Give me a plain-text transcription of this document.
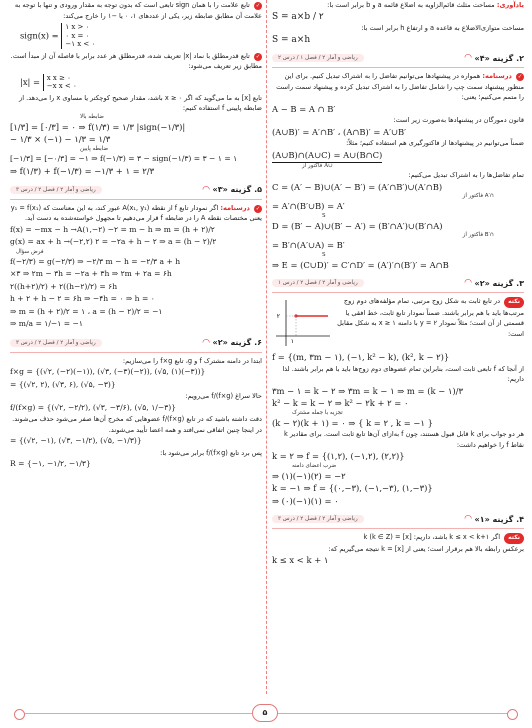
یادآوری: مساحت مثلث قائم‌الزاویه به اضلاع قائمه a و b برابر است با:

S = a×b / ۲

مساحت متوازی‌الاضلاع به قاعده a و ارتفاع h برابر است با:

S = a×h
۲. گزینه «۴»
◠
ریاضی و آمار ۲ / فصل ۱ / درس ۲

✓ درسنامه: همواره در پیشنهادها می‌توانیم تفاضل را به اشتراک تبدیل کنیم. برای این منظور پیشنهاد سمت چپ را شامل تفاضل را به اشتراک تبدیل کرده و پیشنهاد سمت راست را متمم می‌کنیم؛ یعنی:

A − B = A ∩ B′

قانون دمورگان در پیشنهادها به‌صورت زیر است:

(A∪B)′ = A′∩B′ ، (A∩B)′ = A′∪B′

ضمناً می‌توانیم در پیشنهادها از فاکتورگیری هم استفاده کنیم؛ مثلاً:

(A∪B)∩(A∪C) = A∪(B∩C)
فاکتور از A∪

تمام تفاضل‌ها را به اشتراک تبدیل می‌کنیم:

C = (A′ − B)∪(A′ − B′) = (A′∩B′)∪(A′∩B)
فاکتور از A′∩
= A′∩(B′∪B) = A′
S
D = (B′ − A)∪(B′ − A′) = (B′∩A′)∪(B′∩A)
فاکتور از B′∩
= B′∩(A′∪A) = B′
S
⇒ E = (C∪D)′ = C′∩D′ = (A′)′∩(B′)′ = A∩B
۳. گزینه «۲»
◠
ریاضی و آمار ۲ / فصل ۲ / درس ۱

نکته در تابع ثابت به شکل زوج مرتبی، تمام مؤلفه‌های دوم زوج مرتب‌ها باید با هم برابر باشند. ضمناً نمودار تابع ثابت، خط افقی یا قسمتی از آن است؛ مثلاً نمودار y = ۲ با دامنه x ≥ ۱ به شکل مقابل است:

۲
۱
f = {(m, ۳m − ۱), (−۱, k² − k), (k², k − ۲)}

از آنجا که f تابعی ثابت است، بنابراین تمام عضوهای دوم زوج‌ها باید با هم برابر باشند. لذا داریم:

۳m − ۱ = k − ۲ ⇒ ۳m = k − ۱ ⇒ m = (k − ۱)/۳
k² − k = k − ۲ ⇒ k² − ۲k + ۲ = ۰
تجزیه با جمله مشترک
(k − ۲)(k + ۱) = ۰ ⇒ { k = ۲ , k = −۱ }

هر دو جواب برای k قابل قبول هستند، چون f به‌ازای آن‌ها تابع ثابت است. برای مقادیر k نقاط f را خواهیم داشت:

k = ۲ ⇒ f = {(۱,۲), (−۱,۲), (۲,۲)}
ضرب اعضای دامنه
⇒ (۱)(−۱)(۲) = −۲
k = −۱ ⇒ f = {(۰,−۳), (−۱,−۳), (۱,−۳)}
⇒ (۰)(−۱)(۱) = ۰
۴. گزینه «۱»
◠
ریاضی و آمار ۲ / فصل ۲ / درس ۳

نکته اگر k ≤ x < k+۱ باشد، داریم: [x] = k (k ∈ Z)

برعکس رابطه بالا هم برقرار است؛ یعنی از [x] = k نتیجه می‌گیریم که:

k ≤ x < k + ۱

✓ تابع علامت را با همان sign تابعی است که بدون توجه به مقدار ورودی و تنها با توجه به علامت آن مطابق ضابطه زیر، یکی از عددهای ۱، ۰ یا −۱ را خارج می‌کند:

sign(x) =
۱ x > ۰
۰ x = ۰
−۱ x < ۰

✓ تابع قدرمطلق با نماد |x| تعریف شده، قدرمطلق هر عدد برابر با فاصله آن از مبدأ است. مطابق زیر تعریف می‌شود:

|x| = x x ≥ ۰
−x x < ۰

تابع [x] به ما می‌گوید که اگر x ≥ ۰ باشد، مقدار صحیح کوچکتر یا مساوی x را می‌دهد. از ضابطه پایینی f استفاده کنیم:

ضابطه بالا
[۱/۳] = [۰/۳] = ۰ ⇒ f(۱/۳) = ۱/۳ |sign(−۱/۳)|
− ۱/۳ × (−۱) − ۱/۳ = ۱/۳
ضابطه پایین
[−۱/۳] = [−۰/۳] = −۱ ⇒ f(−۱/۳) = ۳ − sign(−۱/۳) = ۳ − ۱ = ۱
⇒ f(۱/۳) + f(−۱/۳) = −۱/۳ + ۱ = ۲/۳
۵. گزینه «۳»
◠
ریاضی و آمار ۲ / فصل ۲ / درس ۳

✓ درسنامه: اگر نمودار تابع f از نقطه A(x₁, y₁) عبور کند، به این معناست که y₁ = f(x₁) یعنی مختصات نقطه A را در ضابطه f قرار می‌دهیم تا مجهول خواسته‌شده به دست آید.

f(x) = −mx − h →A(۱,−۲) −۲ = m − h ⇒ m = (h + ۲)/۲
g(x) = ax + h →(−۲,۲) ۲ = −۲a + h − ۲ ⇒ a = (h − ۲)/۲
فرض سؤال
f(−۲/۳) = g(−۲/۳) ⇒ −۲/۳ m − h = −۲/۳ a + h
×۳ ⇒ ۲m − ۳h = −۲a + ۳h ⇒ ۲m + ۲a = ۶h
۲((h+۲)/۲) + ۲((h−۲)/۲) = ۶h
h + ۲ + h − ۲ = ۶h ⇒ −۴h = ۰ ⇒ h = ۰
⇒ m = (h + ۲)/۲ = ۱ ، a = (h − ۲)/۲ = −۱
⇒ m/a = ۱/−۱ = −۱
۶. گزینه «۲»
◠
ریاضی و آمار ۲ / فصل ۲ / درس ۳

ابتدا در دامنه مشترک f و g، تابع f×g را می‌سازیم:

f×g = {(√۲, (−۲)(−۱)), (√۳, (−۳)(−۲)), (√۵, (۱)(−۳))}
= {(√۲, ۲), (√۳, ۶), (√۵, −۳)}

حالا سراغ f/(f×g) می‌رویم:

f/(f×g) = {(√۲, −۲/۲), (√۳, −۳/۶), (√۵, ۱/−۳)}

دقت داشته باشید که در تابع f/(f×g) عضوهایی که مخرج آن‌ها صفر می‌شود حذف می‌شوند. در اینجا چنین اتفاقی نمی‌افتد و همه اعضا تأیید می‌شوند.

= {(√۲, −۱), (√۳, −۱/۲), (√۵, −۱/۳)}

پس برد تابع f/(f×g) برابر می‌شود با:

R = {−۱, −۱/۲, −۱/۳}
۵
